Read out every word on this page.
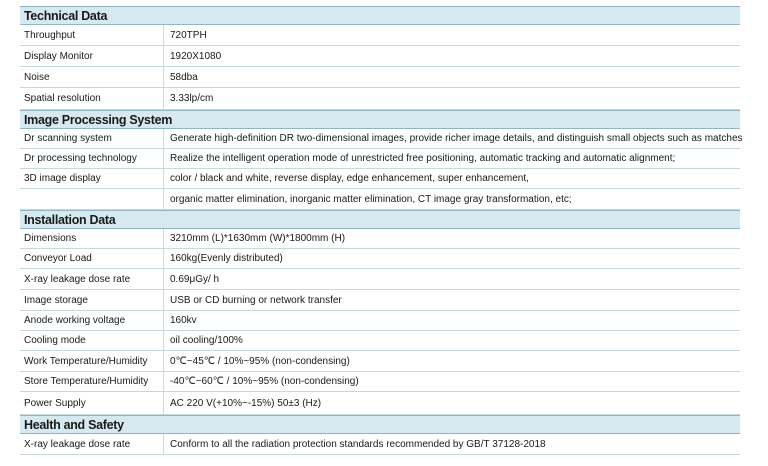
Technical Data
Throughput	720TPH
Display Monitor	1920X1080
Noise	58dba
Spatial resolution	3.33lp/cm
Image Processing System
Dr scanning system	Generate high-definition DR two-dimensional images, provide richer image details, and distinguish small objects such as matches
Dr processing technology	Realize the intelligent operation mode of unrestricted free positioning, automatic tracking and automatic alignment;
3D image display	color / black and white, reverse display, edge enhancement, super enhancement,
organic matter elimination, inorganic matter elimination, CT image gray transformation, etc;
Installation Data
Dimensions	3210mm (L)*1630mm (W)*1800mm (H)
Conveyor Load	160kg(Evenly distributed)
X-ray leakage dose rate	0.69μGy/ h
Image storage	USB or CD burning or network transfer
Anode working voltage	160kv
Cooling mode	oil cooling/100%
Work Temperature/Humidity 0℃~45℃ / 10%~95% (non-condensing)
Store Temperature/Humidity -40℃~60℃ / 10%~95% (non-condensing)
Power Supply	AC 220 V(+10%~-15%) 50±3 (Hz)
Health and Safety
X-ray leakage dose rate	Conform to all the radiation protection standards recommended by GB/T 37128-2018
